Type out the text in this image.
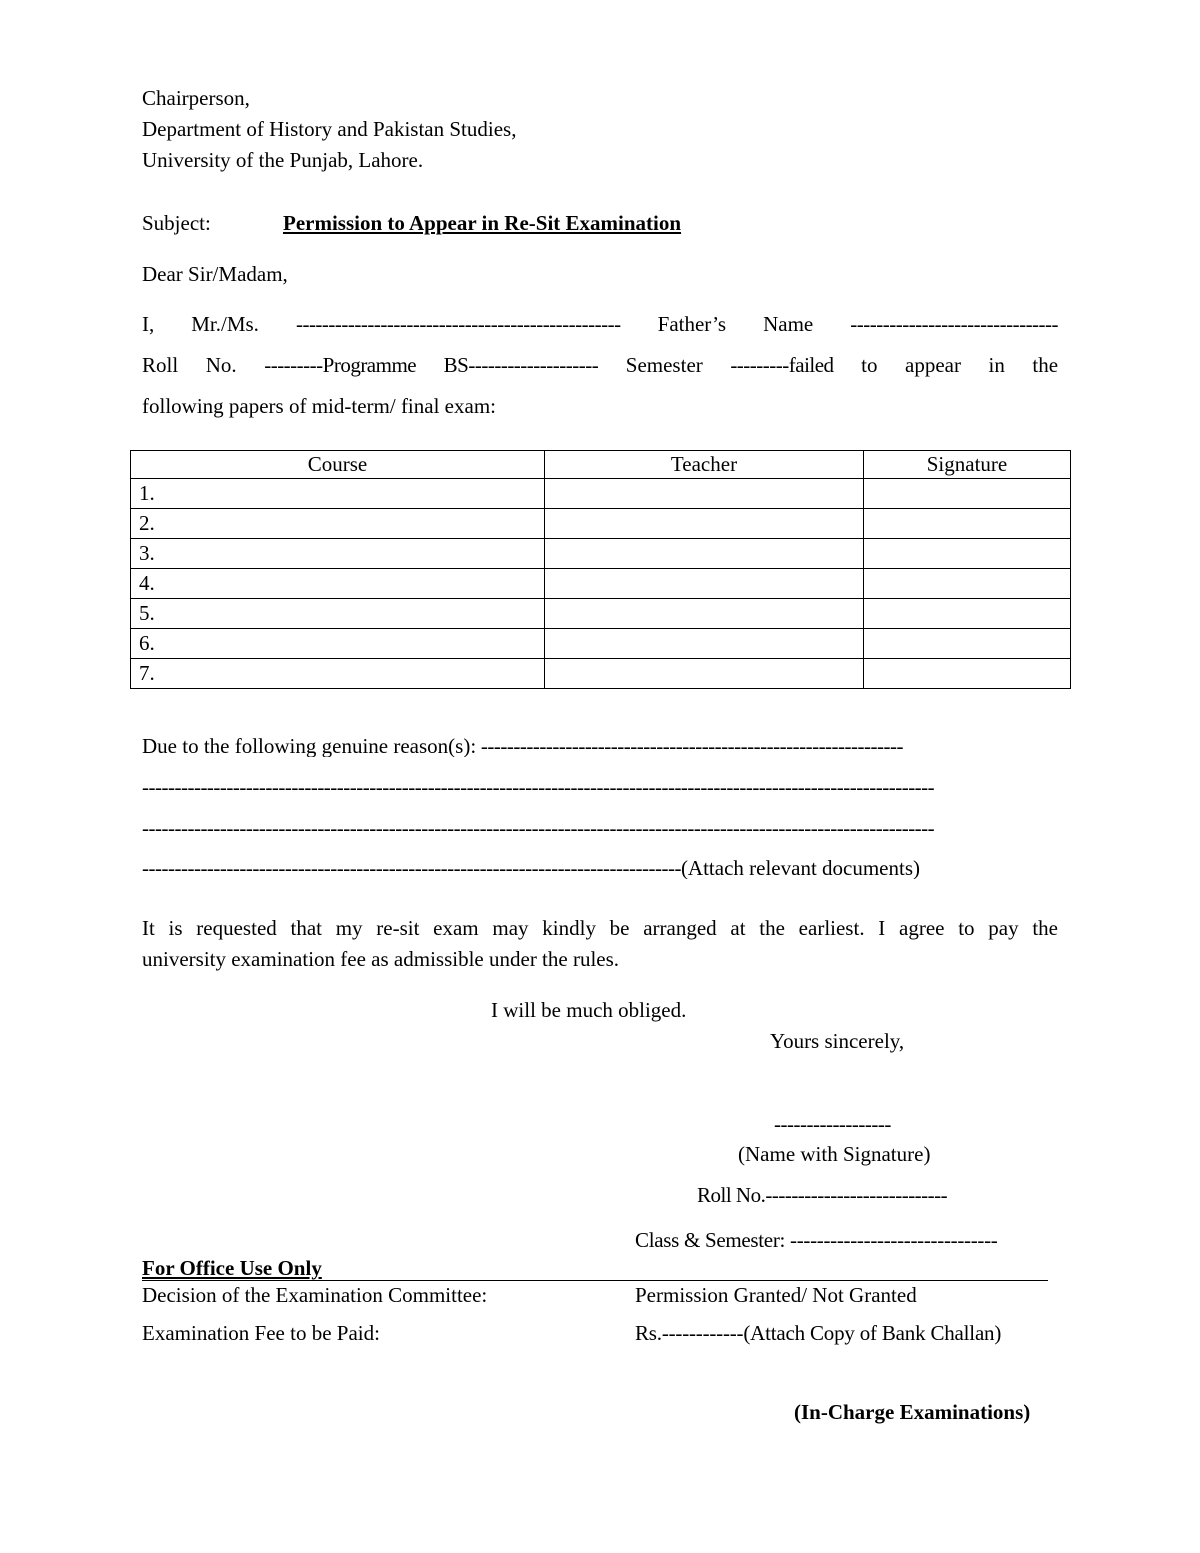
Chairperson,
Department of History and Pakistan Studies,
University of the Punjab, Lahore.
Subject:	Permission to Appear in Re-Sit Examination
Dear Sir/Madam,
I, Mr./Ms. -------------------------------------------------- Father’s Name --------------------------------
Roll No. ---------Programme BS-------------------- Semester ---------failed to appear in the
following papers of mid-term/ final exam:
Course	Teacher	Signature
1.		
2.		
3.		
4.		
5.		
6.		
7.		
Due to the following genuine reason(s): -----------------------------------------------------------------
--------------------------------------------------------------------------------------------------------------------------
--------------------------------------------------------------------------------------------------------------------------
-----------------------------------------------------------------------------------(Attach relevant documents)
It is requested that my re-sit exam may kindly be arranged at the earliest. I agree to pay the
university examination fee as admissible under the rules.
I will be much obliged.
Yours sincerely,
------------------
(Name with Signature)
Roll No.----------------------------
Class & Semester: -------------------------------
For Office Use Only
Decision of the Examination Committee:	Permission Granted/ Not Granted
Examination Fee to be Paid:	Rs.------------(Attach Copy of Bank Challan)
(In-Charge Examinations)
